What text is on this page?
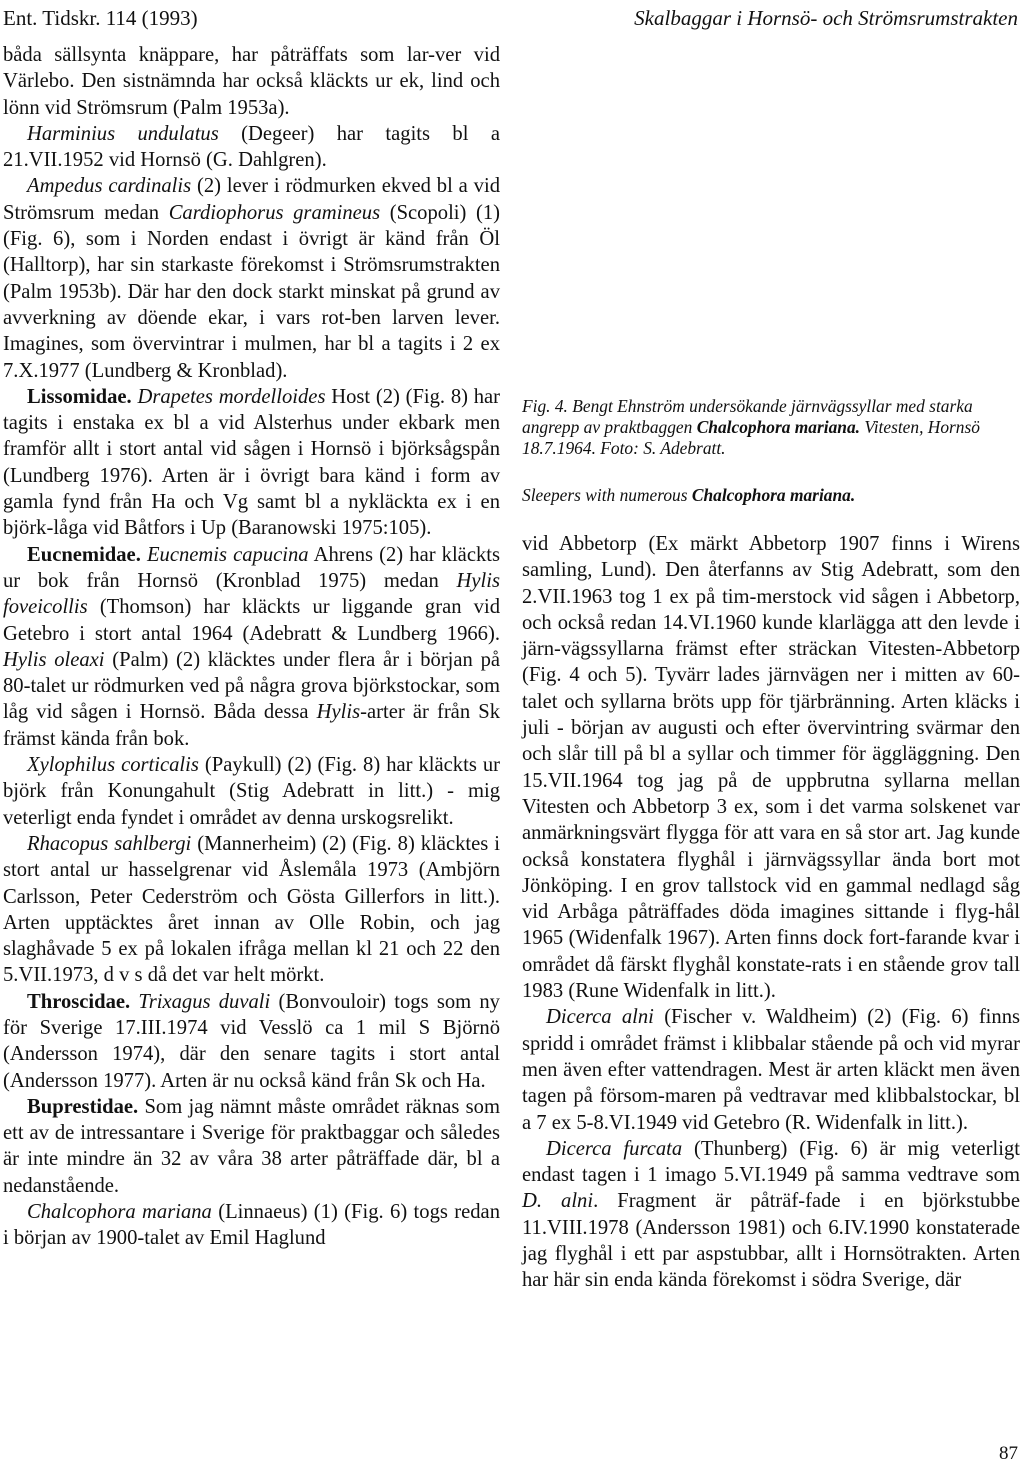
Ent. Tidskr. 114 (1993)	Skalbaggar i Hornsö- och Strömsrumstrakten

båda sällsynta knäppare, har påträffats som lar-ver vid Värlebo. Den sistnämnda har också kläckts ur ek, lind och lönn vid Strömsrum (Palm 1953a).

Harminius undulatus (Degeer) har tagits bl a 21.VII.1952 vid Hornsö (G. Dahlgren).

Ampedus cardinalis (2) lever i rödmurken ekved bl a vid Strömsrum medan Cardiophorus gramineus (Scopoli) (1) (Fig. 6), som i Norden endast i övrigt är känd från Öl (Halltorp), har sin starkaste förekomst i Strömsrumstrakten (Palm 1953b). Där har den dock starkt minskat på grund av avverkning av döende ekar, i vars rot-ben larven lever. Imagines, som övervintrar i mulmen, har bl a tagits i 2 ex 7.X.1977 (Lundberg & Kronblad).

Lissomidae. Drapetes mordelloides Host (2) (Fig. 8) har tagits i enstaka ex bl a vid Alsterhus under ekbark men framför allt i stort antal vid sågen i Hornsö i björksågspån (Lundberg 1976). Arten är i övrigt bara känd i form av gamla fynd från Ha och Vg samt bl a nykläckta ex i en björk-låga vid Båtfors i Up (Baranowski 1975:105).

Eucnemidae. Eucnemis capucina Ahrens (2) har kläckts ur bok från Hornsö (Kronblad 1975) medan Hylis foveicollis (Thomson) har kläckts ur liggande gran vid Getebro i stort antal 1964 (Adebratt & Lundberg 1966). Hylis oleaxi (Palm) (2) kläcktes under flera år i början på 80-talet ur rödmurken ved på några grova björkstockar, som låg vid sågen i Hornsö. Båda dessa Hylis-arter är från Sk främst kända från bok.

Xylophilus corticalis (Paykull) (2) (Fig. 8) har kläckts ur björk från Konungahult (Stig Adebratt in litt.) - mig veterligt enda fyndet i området av denna urskogsrelikt.

Rhacopus sahlbergi (Mannerheim) (2) (Fig. 8) kläcktes i stort antal ur hasselgrenar vid Åslemåla 1973 (Ambjörn Carlsson, Peter Cederström och Gösta Gillerfors in litt.). Arten upptäcktes året innan av Olle Robin, och jag slaghåvade 5 ex på lokalen ifråga mellan kl 21 och 22 den 5.VII.1973, d v s då det var helt mörkt.

Throscidae. Trixagus duvali (Bonvouloir) togs som ny för Sverige 17.III.1974 vid Vesslö ca 1 mil S Björnö (Andersson 1974), där den senare tagits i stort antal (Andersson 1977). Arten är nu också känd från Sk och Ha.

Buprestidae. Som jag nämnt måste området räknas som ett av de intressantare i Sverige för praktbaggar och således är inte mindre än 32 av våra 38 arter påträffade där, bl a nedanstående.

Chalcophora mariana (Linnaeus) (1) (Fig. 6) togs redan i början av 1900-talet av Emil Haglund

Fig. 4. Bengt Ehnström undersökande järnvägssyllar med starka angrepp av praktbaggen Chalcophora mariana. Vitesten, Hornsö 18.7.1964. Foto: S. Adebratt.
Sleepers with numerous Chalcophora mariana.

vid Abbetorp (Ex märkt Abbetorp 1907 finns i Wirens samling, Lund). Den återfanns av Stig Adebratt, som den 2.VII.1963 tog 1 ex på tim-merstock vid sågen i Abbetorp, och också redan 14.VI.1960 kunde klarlägga att den levde i järn-vägssyllarna främst efter sträckan Vitesten-Abbetorp (Fig. 4 och 5). Tyvärr lades järnvägen ner i mitten av 60-talet och syllarna bröts upp för tjärbränning. Arten kläcks i juli - början av augusti och efter övervintring svärmar den och slår till på bl a syllar och timmer för äggläggning. Den 15.VII.1964 tog jag på de uppbrutna syllarna mellan Vitesten och Abbetorp 3 ex, som i det varma solskenet var anmärkningsvärt flygga för att vara en så stor art. Jag kunde också konstatera flyghål i järnvägssyllar ända bort mot Jönköping. I en grov tallstock vid en gammal nedlagd såg vid Arbåga påträffades döda imagines sittande i flyg-hål 1965 (Widenfalk 1967). Arten finns dock fort-farande kvar i området då färskt flyghål konstate-rats i en stående grov tall 1983 (Rune Widenfalk in litt.).

Dicerca alni (Fischer v. Waldheim) (2) (Fig. 6) finns spridd i området främst i klibbalar stående på och vid myrar men även efter vattendragen. Mest är arten kläckt men även tagen på försom-maren på vedtravar med klibbalstockar, bl a 7 ex 5-8.VI.1949 vid Getebro (R. Widenfalk in litt.).

Dicerca furcata (Thunberg) (Fig. 6) är mig veterligt endast tagen i 1 imago 5.VI.1949 på samma vedtrave som D. alni. Fragment är påträf-fade i en björkstubbe 11.VIII.1978 (Andersson 1981) och 6.IV.1990 konstaterade jag flyghål i ett par aspstubbar, allt i Hornsötrakten. Arten har här sin enda kända förekomst i södra Sverige, där

87
